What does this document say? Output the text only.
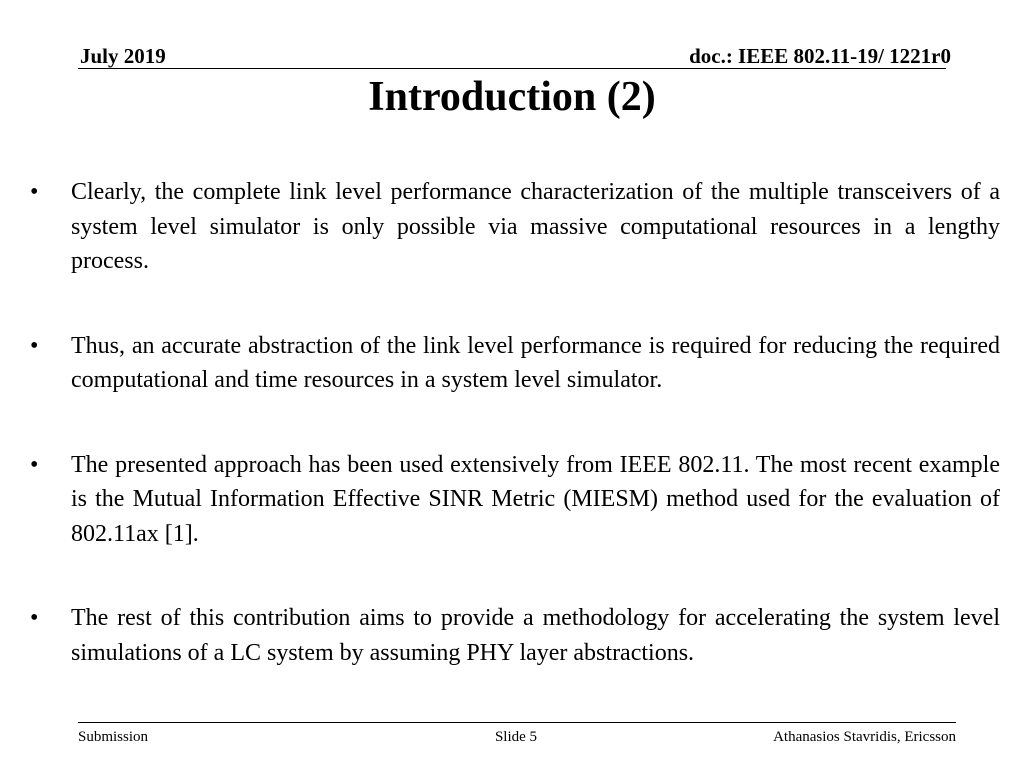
July 2019	doc.: IEEE 802.11-19/ 1221r0
Introduction (2)
•	Clearly, the complete link level performance characterization of the multiple transceivers of a system level simulator is only possible via massive computational resources in a lengthy process.
•	Thus, an accurate abstraction of the link level performance is required for reducing the required computational and time resources in a system level simulator.
•	The presented approach has been used extensively from IEEE 802.11. The most recent example is the Mutual Information Effective SINR Metric (MIESM) method used for the evaluation of 802.11ax [1].
•	The rest of this contribution aims to provide a methodology for accelerating the system level simulations of a LC system by assuming PHY layer abstractions.
Submission	Slide 5	Athanasios Stavridis, Ericsson
